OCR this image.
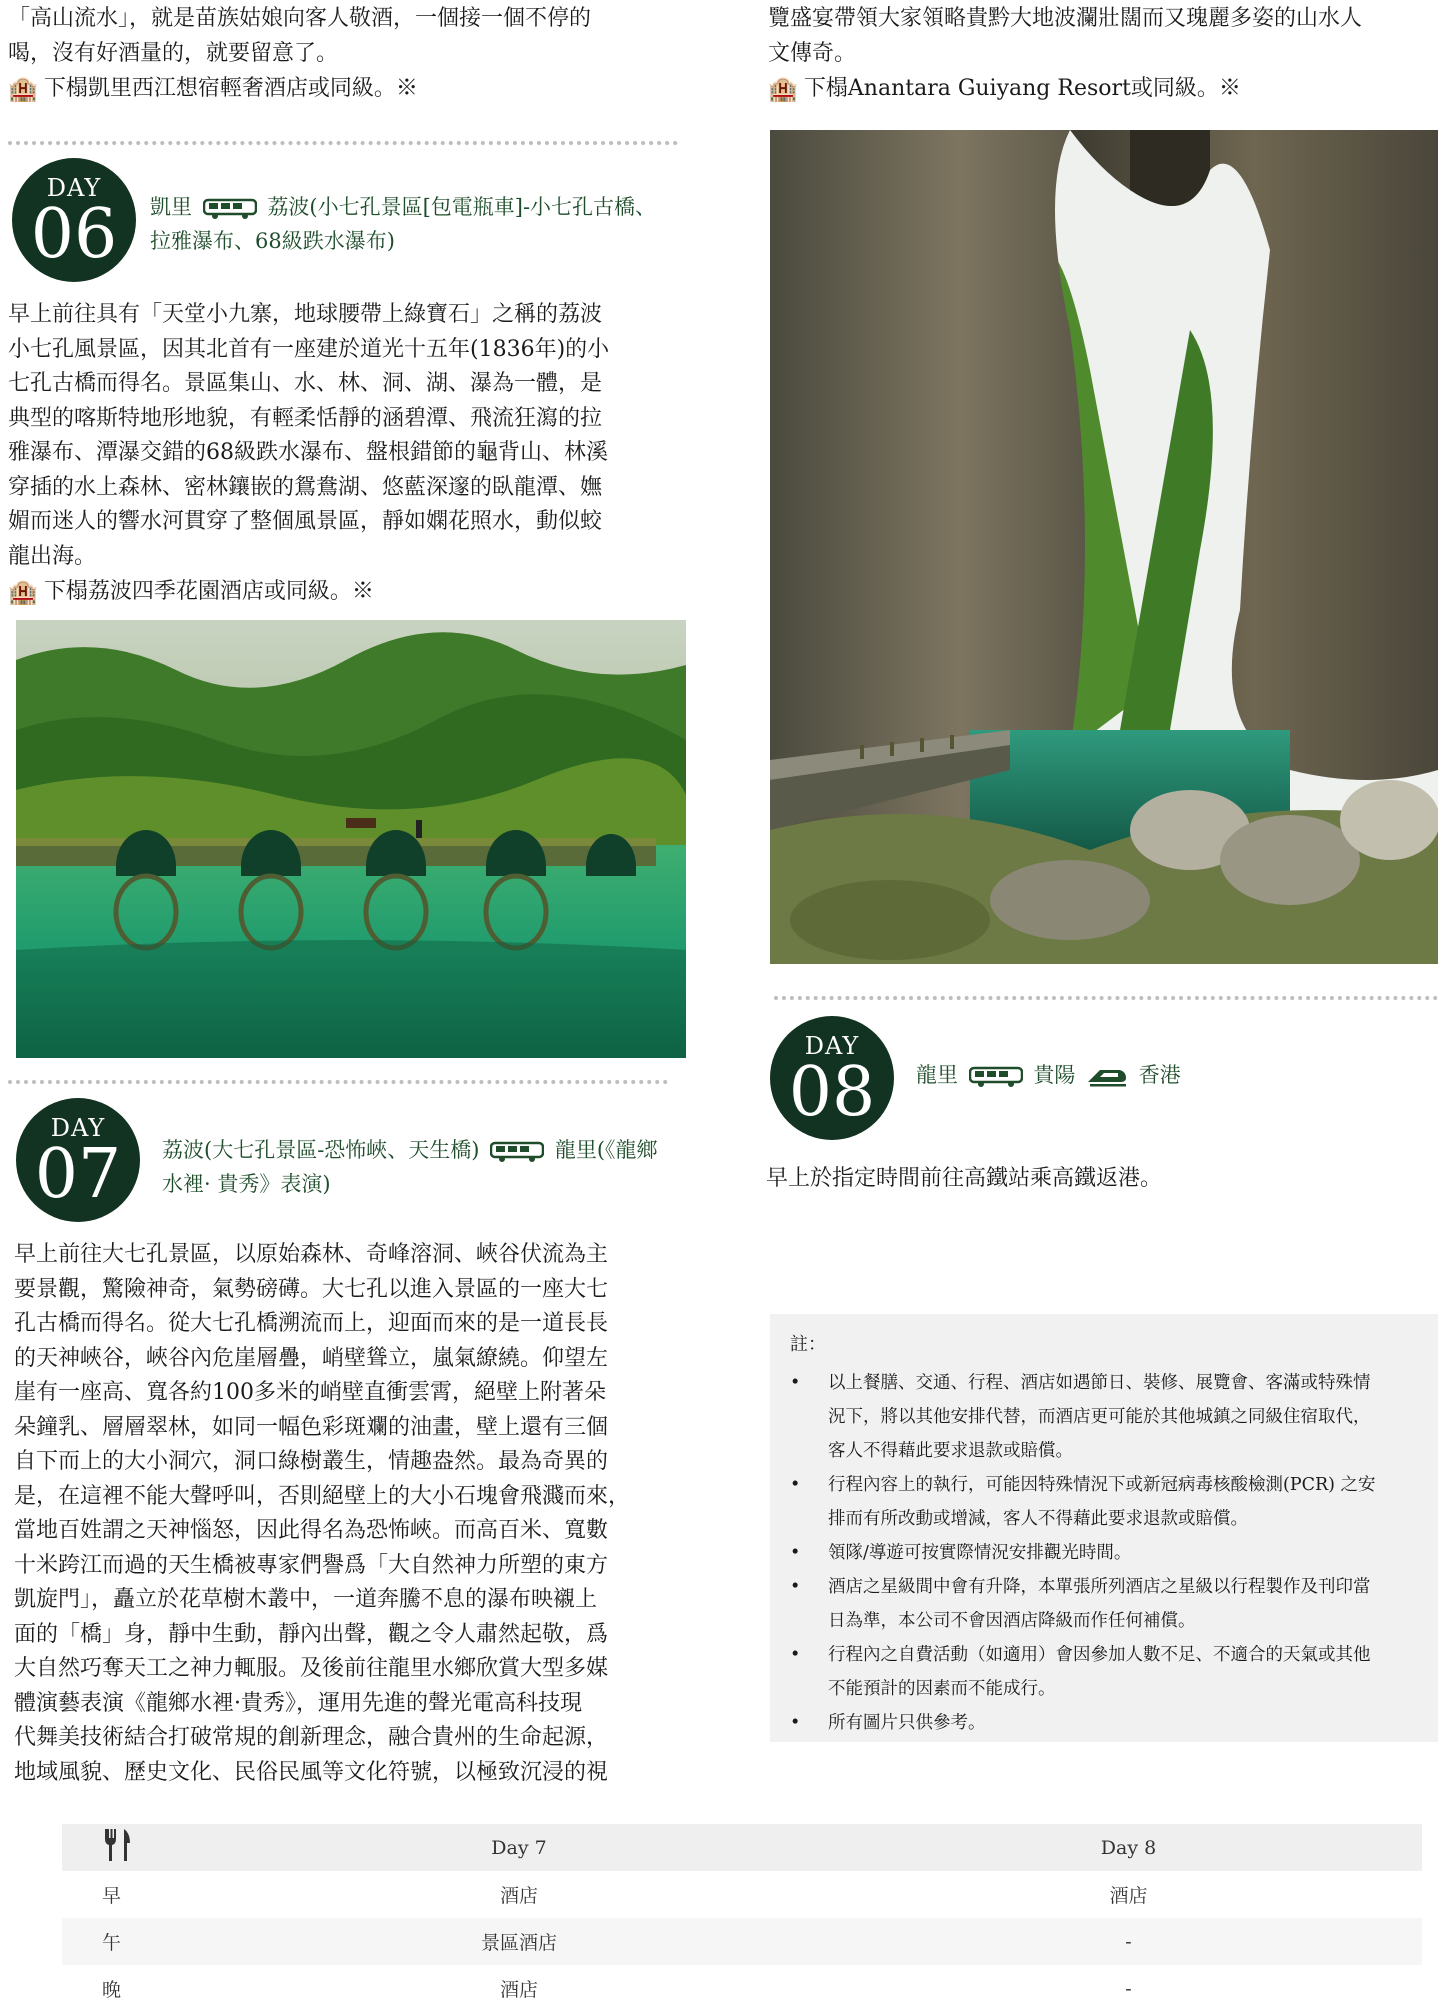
「高山流水」，就是苗族姑娘向客人敬酒，一個接一個不停的

喝，沒有好酒量的，就要留意了。

🏨 下榻凱里西江想宿輕奢酒店或同級。※
DAY
06 凱里	荔波(小七孔景區[包電瓶車]-小七孔古橋、
拉雅瀑布、68級跌水瀑布)

早上前往具有「天堂小九寨，地球腰帶上綠寶石」之稱的荔波

小七孔風景區，因其北首有一座建於道光十五年(1836年)的小

七孔古橋而得名。景區集山、水、林、洞、湖、瀑為一體，是

典型的喀斯特地形地貌，有輕柔恬靜的涵碧潭、飛流狂瀉的拉

雅瀑布、潭瀑交錯的68級跌水瀑布、盤根錯節的龜背山、林溪

穿插的水上森林、密林鑲嵌的鴛鴦湖、悠藍深邃的臥龍潭、嫵

媚而迷人的響水河貫穿了整個風景區，靜如嫻花照水，動似蛟

龍出海。

🏨 下榻荔波四季花園酒店或同級。※
DAY
07 荔波(大七孔景區-恐怖峽、天生橋)	龍里(《龍鄉
水裡· 貴秀》表演)

早上前往大七孔景區，以原始森林、奇峰溶洞、峽谷伏流為主

要景觀，驚險神奇，氣勢磅礡。大七孔以進入景區的一座大七

孔古橋而得名。從大七孔橋溯流而上，迎面而來的是一道長長

的天神峽谷，峽谷內危崖層疊，峭壁聳立，嵐氣繚繞。仰望左

崖有一座高、寬各約100多米的峭壁直衝雲霄，絕壁上附著朵

朵鐘乳、層層翠林，如同一幅色彩斑斕的油畫，壁上還有三個

自下而上的大小洞穴，洞口綠樹叢生，情趣盎然。最為奇異的

是，在這裡不能大聲呼叫，否則絕壁上的大小石塊會飛濺而來，

當地百姓謂之天神惱怒，因此得名為恐怖峽。而高百米、寬數

十米跨江而過的天生橋被專家們譽爲「大自然神力所塑的東方

凱旋門」，矗立於花草樹木叢中，一道奔騰不息的瀑布映襯上

面的「橋」身，靜中生動，靜內出聲，觀之令人肅然起敬，爲

大自然巧奪天工之神力輒服。及後前往龍里水鄉欣賞大型多媒

體演藝表演《龍鄉水裡·貴秀》，運用先進的聲光電高科技現

代舞美技術結合打破常規的創新理念，融合貴州的生命起源，

地域風貌、歷史文化、民俗民風等文化符號，以極致沉浸的視

覽盛宴帶領大家領略貴黔大地波瀾壯闊而又瑰麗多姿的山水人

文傳奇。

🏨 下榻Anantara Guiyang Resort或同級。※
DAY
08 龍里	貴陽	香港

早上於指定時間前往高鐵站乘高鐵返港。

註：
• 以上餐膳、交通、行程、酒店如遇節日、裝修、展覽會、客滿或特殊情
況下，將以其他安排代替，而酒店更可能於其他城鎮之同級住宿取代，
客人不得藉此要求退款或賠償。
• 行程內容上的執行，可能因特殊情況下或新冠病毒核酸檢測(PCR) 之安
排而有所改動或增減，客人不得藉此要求退款或賠償。
• 領隊/導遊可按實際情況安排觀光時間。
• 酒店之星級間中會有升降，本單張所列酒店之星級以行程製作及刊印當
日為準，本公司不會因酒店降級而作任何補償。
• 行程內之自費活動（如適用）會因參加人數不足、不適合的天氣或其他
不能預計的因素而不能成行。
• 所有圖片只供參考。
	Day 7	Day 8
早	酒店	酒店
午	景區酒店	-
晚	酒店	-
